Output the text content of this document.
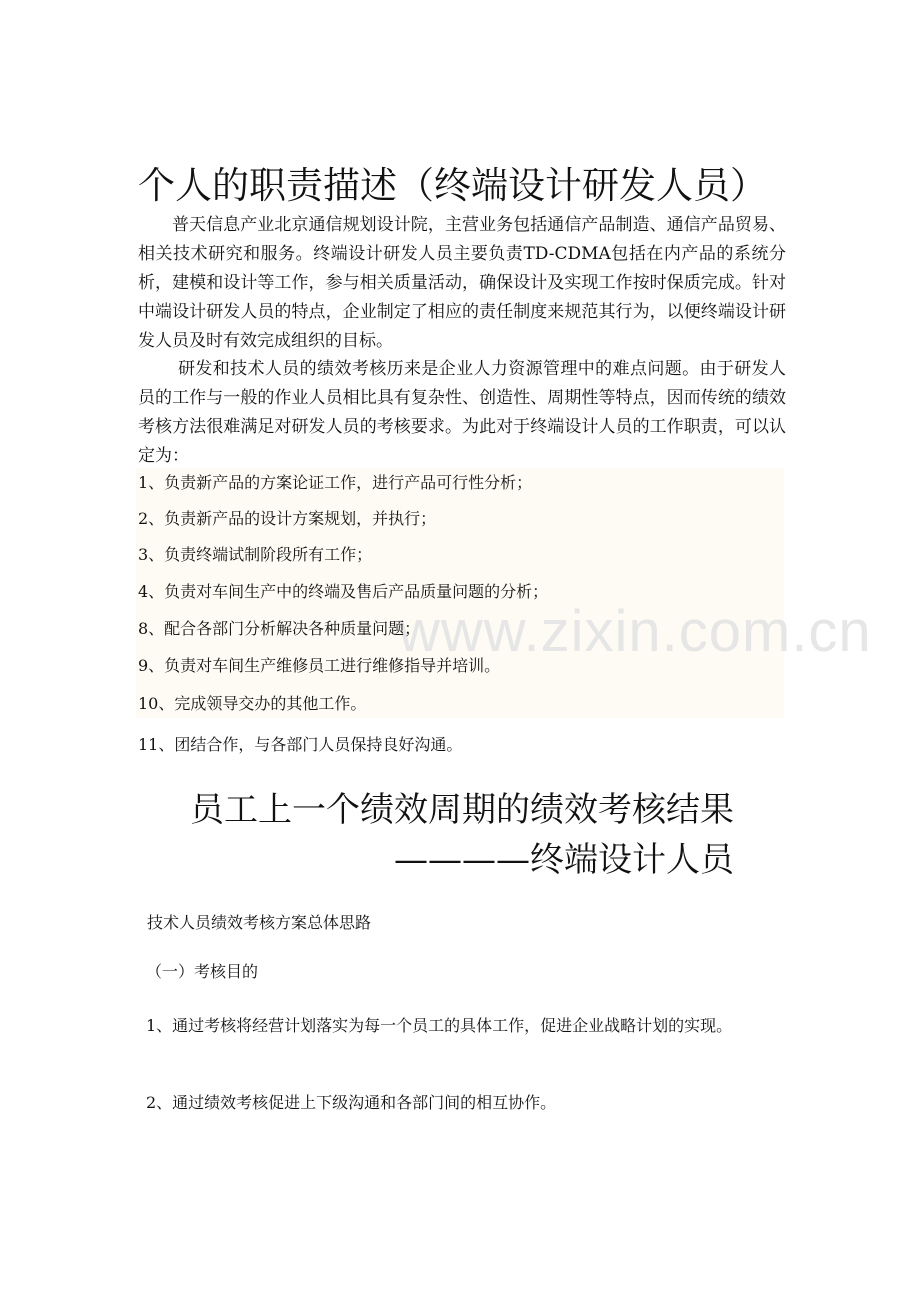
个人的职责描述（终端设计研发人员）

普天信息产业北京通信规划设计院，主营业务包括通信产品制造、通信产品贸易、相关技术研究和服务。终端设计研发人员主要负责TD-CDMA包括在内产品的系统分析，建模和设计等工作，参与相关质量活动，确保设计及实现工作按时保质完成。针对中端设计研发人员的特点，企业制定了相应的责任制度来规范其行为，以便终端设计研发人员及时有效完成组织的目标。

研发和技术人员的绩效考核历来是企业人力资源管理中的难点问题。由于研发人员的工作与一般的作业人员相比具有复杂性、创造性、周期性等特点，因而传统的绩效考核方法很难满足对研发人员的考核要求。为此对于终端设计人员的工作职责，可以认定为：

www.zixin.com.cn

1、负责新产品的方案论证工作，进行产品可行性分析；

2、负责新产品的设计方案规划，并执行；

3、负责终端试制阶段所有工作；

4、负责对车间生产中的终端及售后产品质量问题的分析；

8、配合各部门分析解决各种质量问题；

9、负责对车间生产维修员工进行维修指导并培训。

10、完成领导交办的其他工作。

11、团结合作，与各部门人员保持良好沟通。

员工上一个绩效周期的绩效考核结果
————终端设计人员

技术人员绩效考核方案总体思路

（一）考核目的

1、通过考核将经营计划落实为每一个员工的具体工作，促进企业战略计划的实现。

2、通过绩效考核促进上下级沟通和各部门间的相互协作。
